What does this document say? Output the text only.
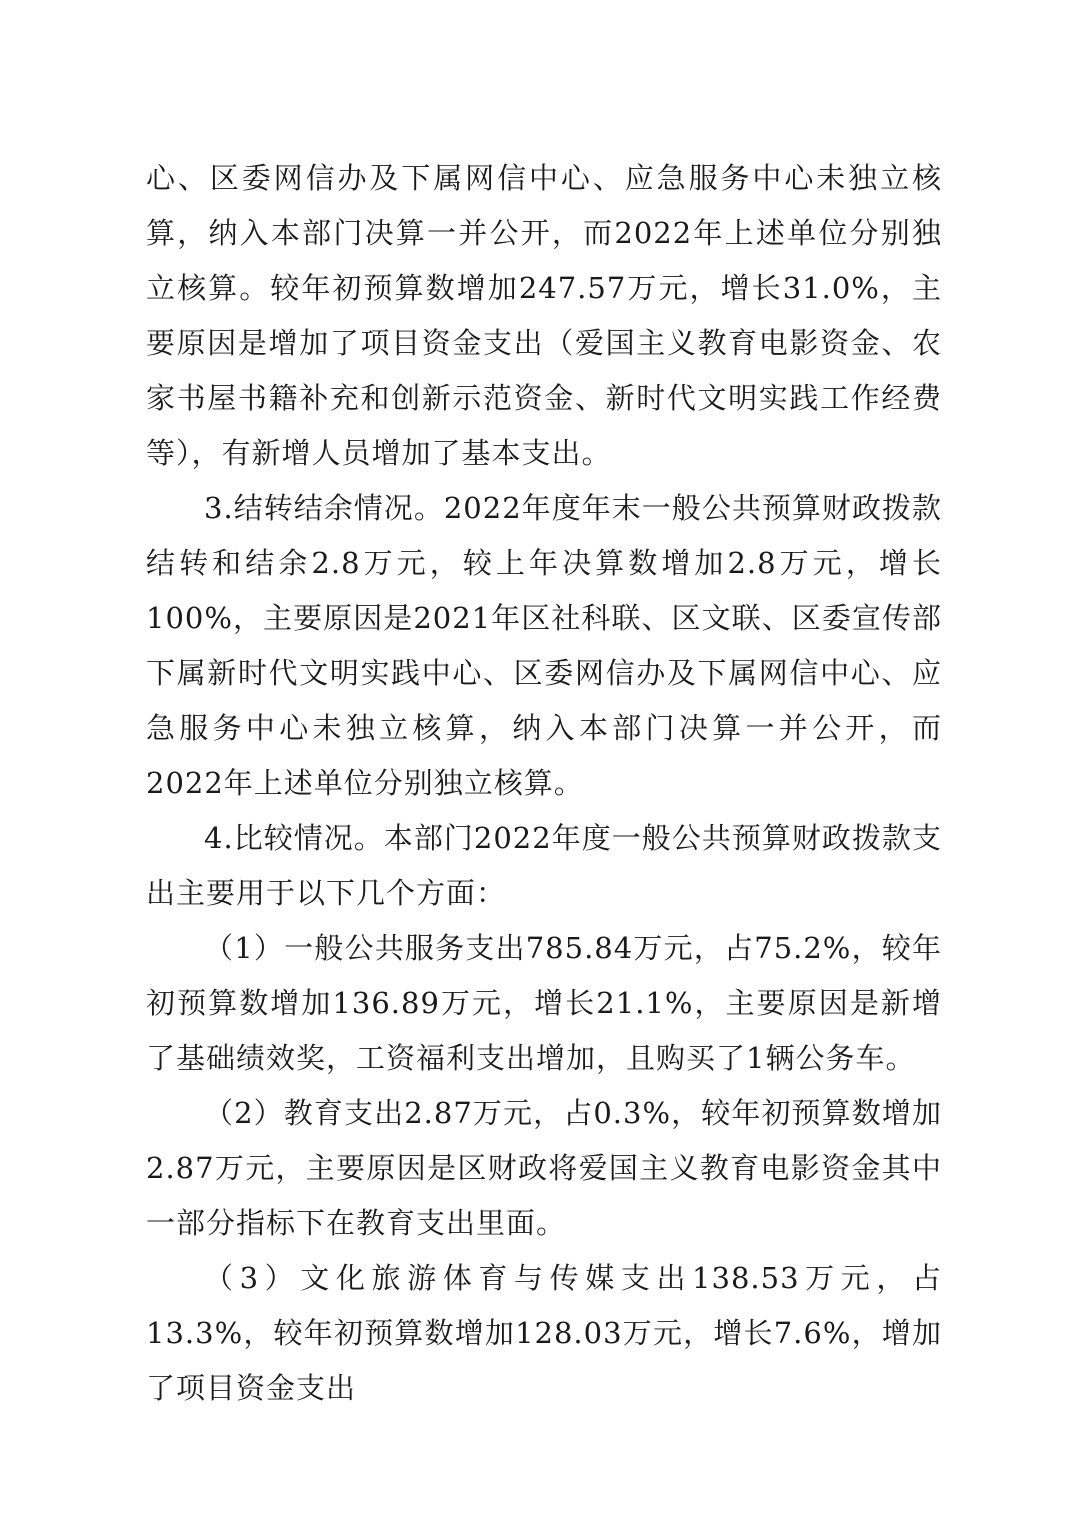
心、区委网信办及下属网信中心、应急服务中心未独立核算，纳入本部门决算一并公开，而2022年上述单位分别独立核算。较年初预算数增加247.57万元，增长31.0%，主要原因是增加了项目资金支出（爱国主义教育电影资金、农家书屋书籍补充和创新示范资金、新时代文明实践工作经费等），有新增人员增加了基本支出。

3.结转结余情况。2022年度年末一般公共预算财政拨款结转和结余2.8万元，较上年决算数增加2.8万元，增长100%，主要原因是2021年区社科联、区文联、区委宣传部下属新时代文明实践中心、区委网信办及下属网信中心、应急服务中心未独立核算，纳入本部门决算一并公开，而2022年上述单位分别独立核算。

4.比较情况。本部门2022年度一般公共预算财政拨款支出主要用于以下几个方面：

（1）一般公共服务支出785.84万元，占75.2%，较年初预算数增加136.89万元，增长21.1%，主要原因是新增了基础绩效奖，工资福利支出增加，且购买了1辆公务车。

（2）教育支出2.87万元，占0.3%，较年初预算数增加2.87万元，主要原因是区财政将爱国主义教育电影资金其中一部分指标下在教育支出里面。

（3）文化旅游体育与传媒支出138.53万元，占13.3%，较年初预算数增加128.03万元，增长7.6%，增加了项目资金支出
